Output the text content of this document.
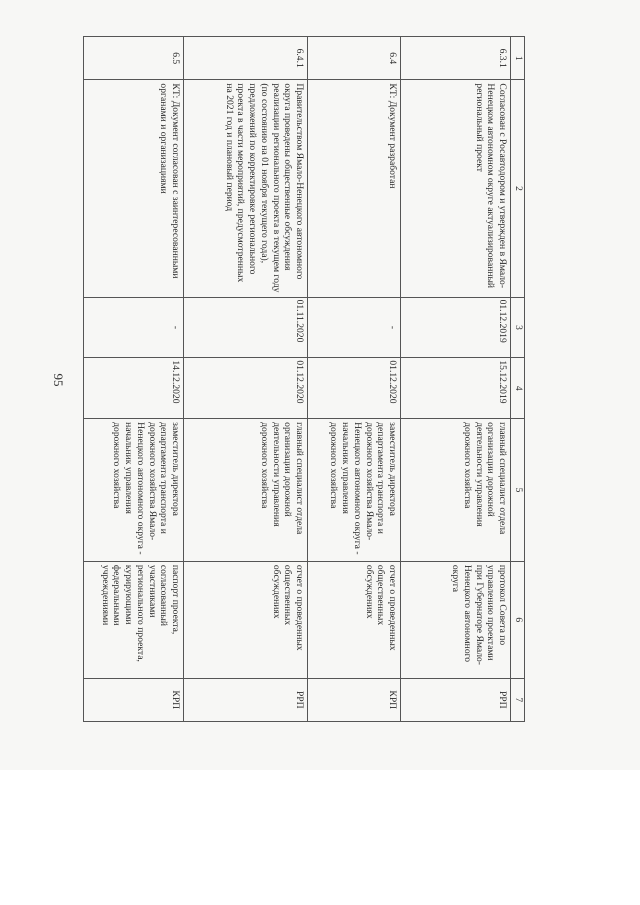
95
1	2	3	4	5	6	7
6.3.1	Согласован с Росавтодором и утвержден в Ямало-Ненецком автономном округе актуализированный региональный проект	01.12.2019	15.12.2019	главный специалист отдела организации дорожной деятельности управления дорожного хозяйства	протокол Совета по управлению проектами при Губернаторе Ямало-Ненецкого автономного округа	РРП
6.4	КТ: Документ разработан	-	01.12.2020	заместитель директора департамента транспорта и дорожного хозяйства Ямало-Ненецкого автономного округа - начальник управления дорожного хозяйства	отчет о проведенных общественных обсуждениях	КРП
6.4.1	Правительством Ямало-Ненецкого автономного округа проведены общественные обсуждения реализации регионального проекта в текущем году (по состоянию на 01 ноября текущего года), предложений по корректировке регионального проекта в части мероприятий, предусмотренных на 2021 год и плановый период	01.11.2020	01.12.2020	главный специалист отдела организации дорожной деятельности управления дорожного хозяйства	отчет о проведенных общественных обсуждениях	РРП
6.5	КТ: Документ согласован с заинтересованными органами и организациями	-	14.12.2020	заместитель директора департамента транспорта и дорожного хозяйства Ямало-Ненецкого автономного округа - начальник управления дорожного хозяйства	паспорт проекта, согласованный участниками регионального проекта, курирующими федеральными учреждениями	КРП
